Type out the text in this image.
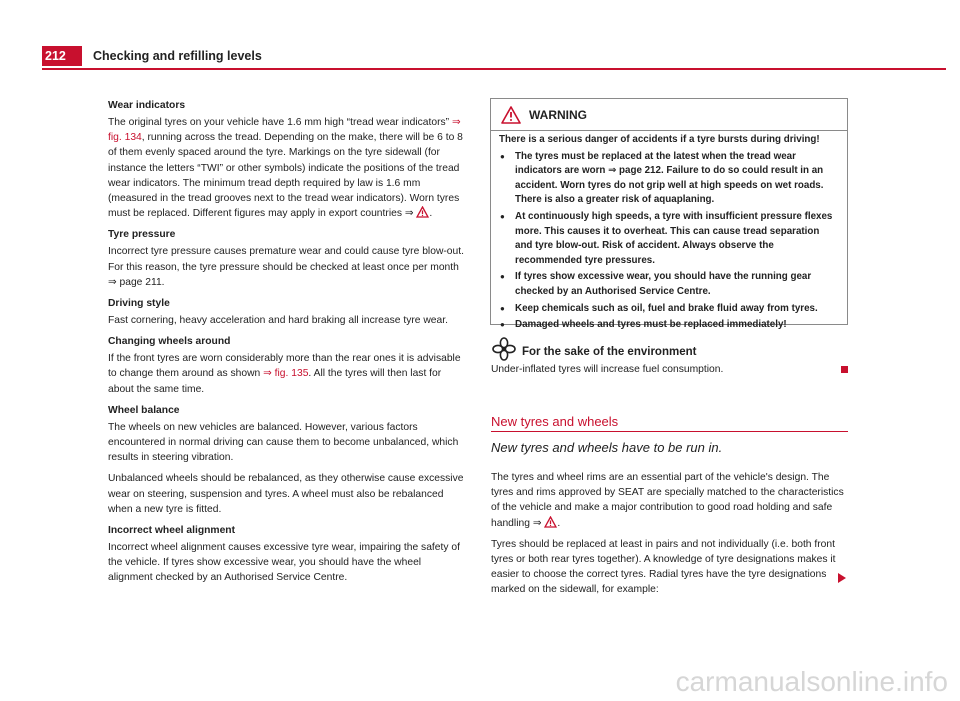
212	Checking and refilling levels
Wear indicators

The original tyres on your vehicle have 1.6 mm high “tread wear indicators” ⇒ fig. 134, running across the tread. Depending on the make, there will be 6 to 8 of them evenly spaced around the tyre. Markings on the tyre sidewall (for instance the letters “TWI” or other symbols) indicate the positions of the tread wear indicators. The minimum tread depth required by law is 1.6 mm (measured in the tread grooves next to the tread wear indicators). Worn tyres must be replaced. Different figures may apply in export countries ⇒ .

Tyre pressure

Incorrect tyre pressure causes premature wear and could cause tyre blow-out. For this reason, the tyre pressure should be checked at least once per month ⇒ page 211.

Driving style

Fast cornering, heavy acceleration and hard braking all increase tyre wear.

Changing wheels around

If the front tyres are worn considerably more than the rear ones it is advisable to change them around as shown ⇒ fig. 135. All the tyres will then last for about the same time.

Wheel balance

The wheels on new vehicles are balanced. However, various factors encountered in normal driving can cause them to become unbalanced, which results in steering vibration.

Unbalanced wheels should be rebalanced, as they otherwise cause excessive wear on steering, suspension and tyres. A wheel must also be rebalanced when a new tyre is fitted.

Incorrect wheel alignment

Incorrect wheel alignment causes excessive tyre wear, impairing the safety of the vehicle. If tyres show excessive wear, you should have the wheel alignment checked by an Authorised Service Centre.

WARNING

There is a serious danger of accidents if a tyre bursts during driving!

● The tyres must be replaced at the latest when the tread wear indicators are worn ⇒ page 212. Failure to do so could result in an accident. Worn tyres do not grip well at high speeds on wet roads. There is also a greater risk of aquaplaning.
● At continuously high speeds, a tyre with insufficient pressure flexes more. This causes it to overheat. This can cause tread separation and tyre blow-out. Risk of accident. Always observe the recommended tyre pressures.
● If tyres show excessive wear, you should have the running gear checked by an Authorised Service Centre.
● Keep chemicals such as oil, fuel and brake fluid away from tyres.
● Damaged wheels and tyres must be replaced immediately!
For the sake of the environment
Under-inflated tyres will increase fuel consumption.
New tyres and wheels
New tyres and wheels have to be run in.

The tyres and wheel rims are an essential part of the vehicle's design. The tyres and rims approved by SEAT are specially matched to the characteristics of the vehicle and make a major contribution to good road holding and safe handling ⇒ .

Tyres should be replaced at least in pairs and not individually (i.e. both front tyres or both rear tyres together). A knowledge of tyre designations makes it easier to choose the correct tyres. Radial tyres have the tyre designations marked on the sidewall, for example:

carmanualsonline.info
